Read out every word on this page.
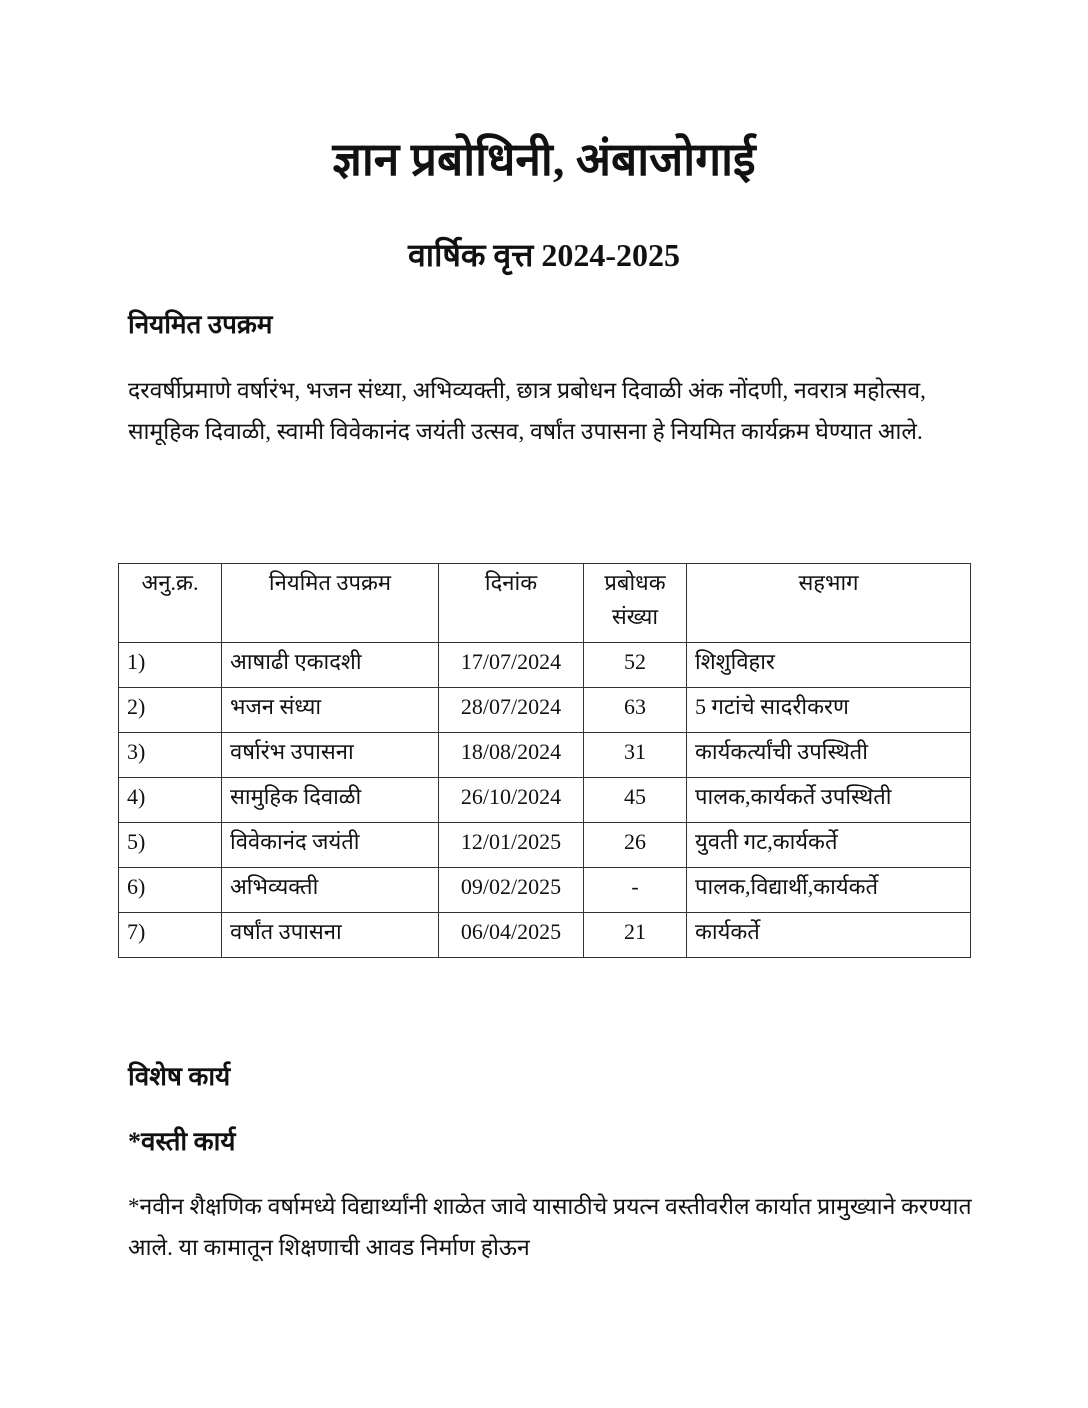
ज्ञान प्रबोधिनी, अंबाजोगाई
वार्षिक वृत्त 2024-2025
नियमित उपक्रम
दरवर्षीप्रमाणे वर्षारंभ, भजन संध्या, अभिव्यक्ती, छात्र प्रबोधन दिवाळी अंक नोंदणी, नवरात्र महोत्सव, सामूहिक दिवाळी, स्वामी विवेकानंद जयंती उत्सव, वर्षांत उपासना हे नियमित कार्यक्रम घेण्यात आले.
अनु.क्र.	नियमित उपक्रम	दिनांक	प्रबोधक संख्या	सहभाग
1)	आषाढी एकादशी	17/07/2024	52	शिशुविहार
2)	भजन संध्या	28/07/2024	63	5 गटांचे सादरीकरण
3)	वर्षारंभ उपासना	18/08/2024	31	कार्यकर्त्यांची उपस्थिती
4)	सामुहिक दिवाळी	26/10/2024	45	पालक,कार्यकर्ते उपस्थिती
5)	विवेकानंद जयंती	12/01/2025	26	युवती गट,कार्यकर्ते
6)	अभिव्यक्ती	09/02/2025	-	पालक,विद्यार्थी,कार्यकर्ते
7)	वर्षांत उपासना	06/04/2025	21	कार्यकर्ते
विशेष कार्य
*वस्ती कार्य
*नवीन शैक्षणिक वर्षामध्ये विद्यार्थ्यांनी शाळेत जावे यासाठीचे प्रयत्न वस्तीवरील कार्यात प्रामुख्याने करण्यात आले. या कामातून शिक्षणाची आवड निर्माण होऊन
